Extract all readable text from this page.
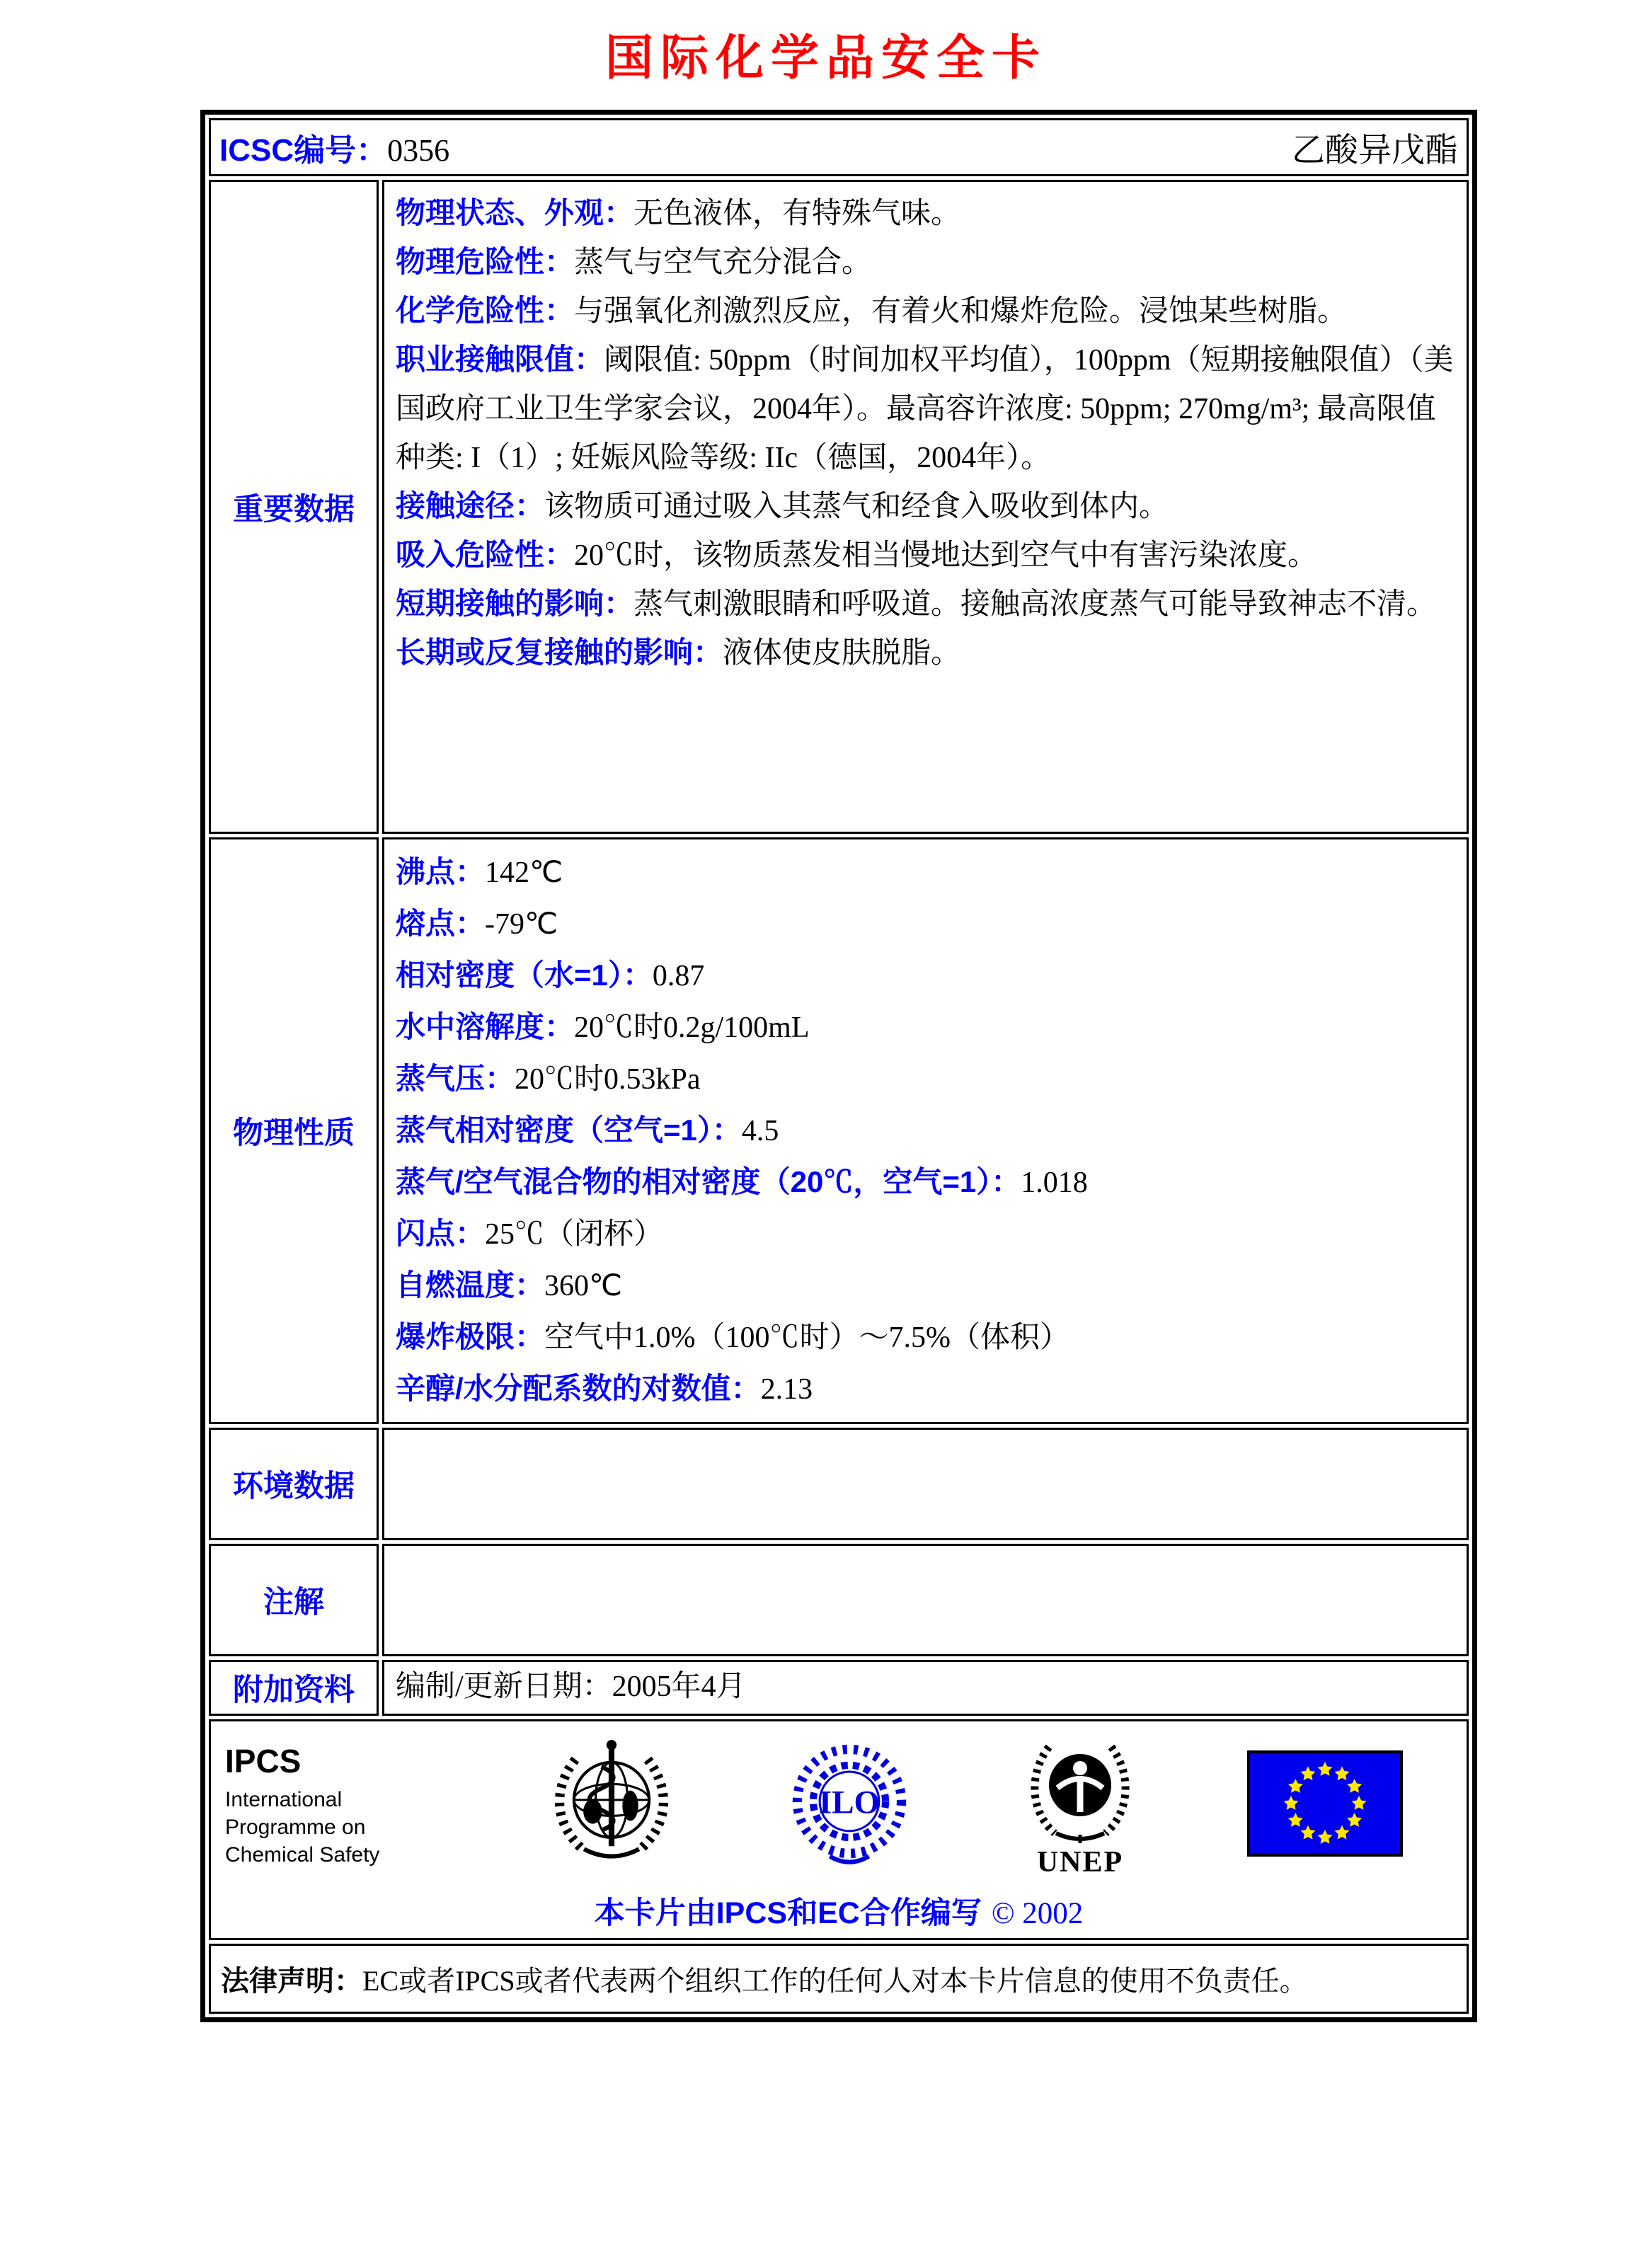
国际化学品安全卡
ICSC编号：0356	乙酸异戊酯
重要数据

物理状态、外观：无色液体，有特殊气味。

物理危险性：蒸气与空气充分混合。

化学危险性：与强氧化剂激烈反应，有着火和爆炸危险。浸蚀某些树脂。

职业接触限值：阈限值: 50ppm（时间加权平均值），100ppm（短期接触限值）（美国政府工业卫生学家会议，2004年）。最高容许浓度: 50ppm; 270mg/m³; 最高限值种类: I（1）; 妊娠风险等级: IIc（德国，2004年）。

接触途径：该物质可通过吸入其蒸气和经食入吸收到体内。

吸入危险性：20℃时，该物质蒸发相当慢地达到空气中有害污染浓度。

短期接触的影响：蒸气刺激眼睛和呼吸道。接触高浓度蒸气可能导致神志不清。

长期或反复接触的影响：液体使皮肤脱脂。

物理性质

沸点：142℃

熔点：-79℃

相对密度（水=1）：0.87

水中溶解度：20℃时0.2g/100mL

蒸气压：20℃时0.53kPa

蒸气相对密度（空气=1）：4.5

蒸气/空气混合物的相对密度（20℃，空气=1）：1.018

闪点：25℃（闭杯）

自燃温度：360℃

爆炸极限：空气中1.0%（100℃时）～7.5%（体积）

辛醇/水分配系数的对数值：2.13

环境数据
注解
附加资料	编制/更新日期：2005年4月

IPCS
International
Programme on
Chemical Safety
ILO
UNEP
本卡片由IPCS和EC合作编写 © 2002
法律声明： EC或者IPCS或者代表两个组织工作的任何人对本卡片信息的使用不负责任。
